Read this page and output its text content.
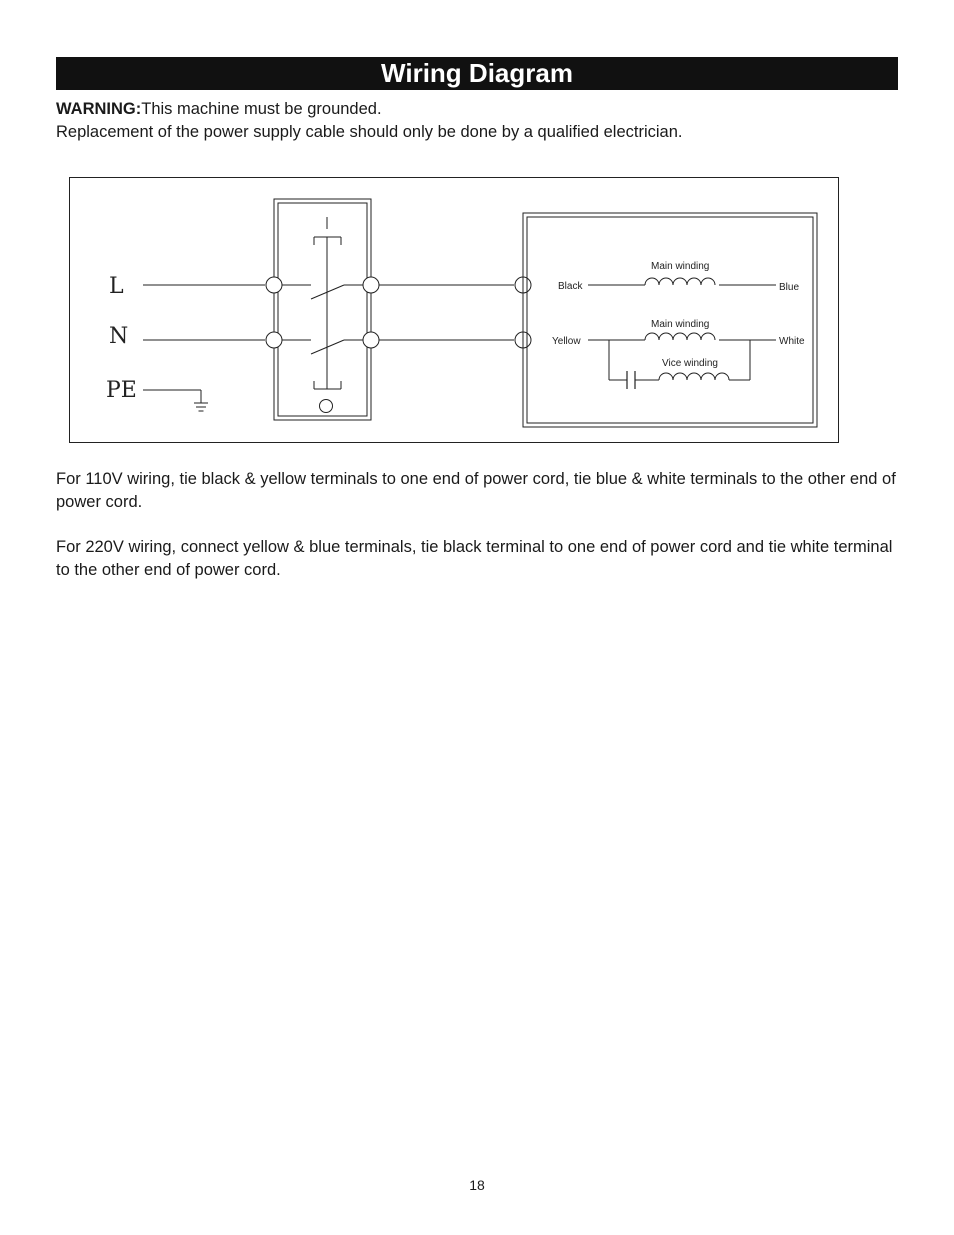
Wiring Diagram
WARNING:This machine must be grounded.
Replacement of the power supply cable should only be done by a qualified electrician.
L
N
PE
Black	Blue
Yellow	White
Main winding
Main winding
Vice winding
For 110V wiring, tie black & yellow terminals to one end of power cord, tie blue & white terminals to the other end of power cord.
For 220V wiring, connect yellow & blue terminals, tie black terminal to one end of power cord and tie white terminal to the other end of power cord.
18
